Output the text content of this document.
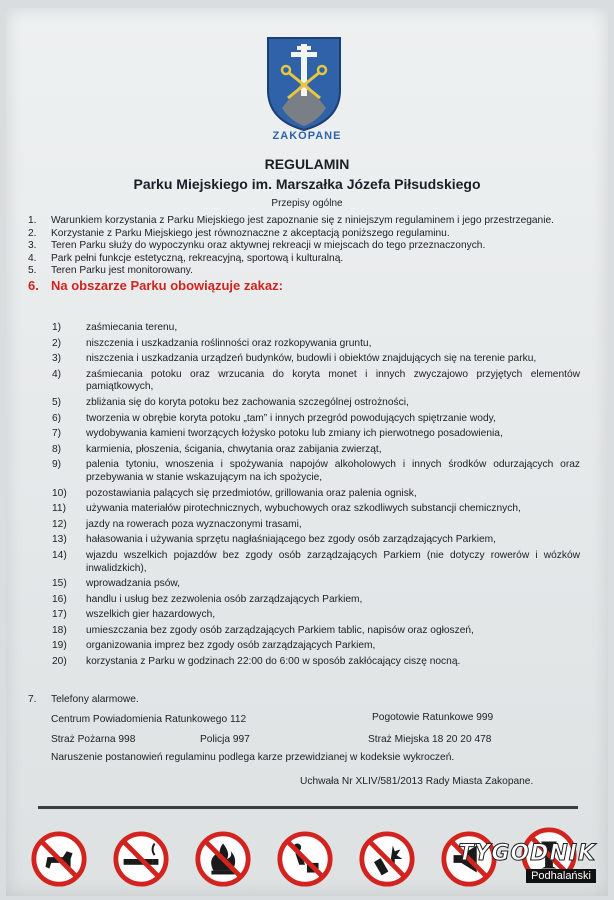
ZAKOPANE
REGULAMIN
Parku Miejskiego im. Marszałka Józefa Piłsudskiego
Przepisy ogólne
1.	Warunkiem korzystania z Parku Miejskiego jest zapoznanie się z niniejszym regulaminem i jego przestrzeganie.
2.	Korzystanie z Parku Miejskiego jest równoznaczne z akceptacją poniższego regulaminu.
3.	Teren Parku służy do wypoczynku oraz aktywnej rekreacji w miejscach do tego przeznaczonych.
4.	Park pełni funkcje estetyczną, rekreacyjną, sportową i kulturalną.
5.	Teren Parku jest monitorowany.
6. Na obszarze Parku obowiązuje zakaz:
1)	zaśmiecania terenu,
2)	niszczenia i uszkadzania roślinności oraz rozkopywania gruntu,
3)	niszczenia i uszkadzania urządzeń budynków, budowli i obiektów znajdujących się na terenie parku,
4)	zaśmiecania potoku oraz wrzucania do koryta monet i innych zwyczajowo przyjętych elementów pamiątkowych,
5)	zbliżania się do koryta potoku bez zachowania szczególnej ostrożności,
6)	tworzenia w obrębie koryta potoku „tam” i innych przegród powodujących spiętrzanie wody,
7)	wydobywania kamieni tworzących łożysko potoku lub zmiany ich pierwotnego posadowienia,
8)	karmienia, płoszenia, ścigania, chwytania oraz zabijania zwierząt,
9)	palenia tytoniu, wnoszenia i spożywania napojów alkoholowych i innych środków odurzających oraz przebywania w stanie wskazującym na ich spożycie,
10)	pozostawiania palących się przedmiotów, grillowania oraz palenia ognisk,
11)	używania materiałów pirotechnicznych, wybuchowych oraz szkodliwych substancji chemicznych,
12)	jazdy na rowerach poza wyznaczonymi trasami,
13)	hałasowania i używania sprzętu nagłaśniającego bez zgody osób zarządzających Parkiem,
14)	wjazdu wszelkich pojazdów bez zgody osób zarządzających Parkiem (nie dotyczy rowerów i wózków inwalidzkich),
15)	wprowadzania psów,
16)	handlu i usług bez zezwolenia osób zarządzających Parkiem,
17)	wszelkich gier hazardowych,
18)	umieszczania bez zgody osób zarządzających Parkiem tablic, napisów oraz ogłoszeń,
19)	organizowania imprez bez zgody osób zarządzających Parkiem,
20)	korzystania z Parku w godzinach 22:00 do 6:00 w sposób zakłócający ciszę nocną.
7. Telefony alarmowe.
Centrum Powiadomienia Ratunkowego 112	Pogotowie Ratunkowe 999
Straż Pożarna 998	Policja 997	Straż Miejska 18 20 20 478
Naruszenie postanowień regulaminu podlega karze przewidzianej w kodeksie wykroczeń.
Uchwała Nr XLIV/581/2013 Rady Miasta Zakopane.
TYGODNIK
Podhalański
